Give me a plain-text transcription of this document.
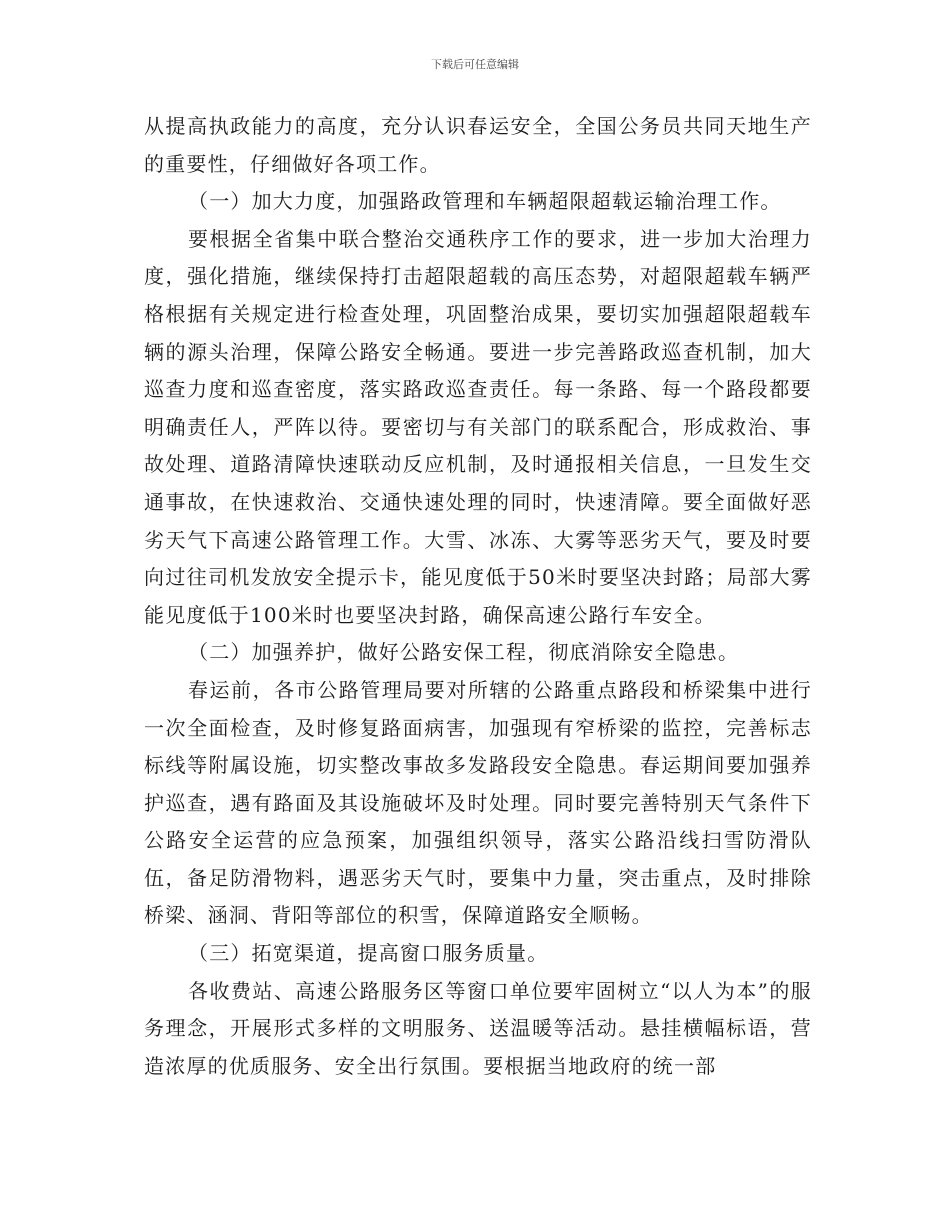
下载后可任意编辑

从提高执政能力的高度，充分认识春运安全，全国公务员共同天地生产的重要性，仔细做好各项工作。

（一）加大力度，加强路政管理和车辆超限超载运输治理工作。

要根据全省集中联合整治交通秩序工作的要求，进一步加大治理力度，强化措施，继续保持打击超限超载的高压态势，对超限超载车辆严格根据有关规定进行检查处理，巩固整治成果，要切实加强超限超载车辆的源头治理，保障公路安全畅通。要进一步完善路政巡查机制，加大巡查力度和巡查密度，落实路政巡查责任。每一条路、每一个路段都要明确责任人，严阵以待。要密切与有关部门的联系配合，形成救治、事故处理、道路清障快速联动反应机制，及时通报相关信息，一旦发生交通事故，在快速救治、交通快速处理的同时，快速清障。要全面做好恶劣天气下高速公路管理工作。大雪、冰冻、大雾等恶劣天气，要及时要向过往司机发放安全提示卡，能见度低于50米时要坚决封路；局部大雾能见度低于100米时也要坚决封路，确保高速公路行车安全。

（二）加强养护，做好公路安保工程，彻底消除安全隐患。

春运前，各市公路管理局要对所辖的公路重点路段和桥梁集中进行一次全面检查，及时修复路面病害，加强现有窄桥梁的监控，完善标志标线等附属设施，切实整改事故多发路段安全隐患。春运期间要加强养护巡查，遇有路面及其设施破坏及时处理。同时要完善特别天气条件下公路安全运营的应急预案，加强组织领导，落实公路沿线扫雪防滑队伍，备足防滑物料，遇恶劣天气时，要集中力量，突击重点，及时排除桥梁、涵洞、背阳等部位的积雪，保障道路安全顺畅。

（三）拓宽渠道，提高窗口服务质量。

各收费站、高速公路服务区等窗口单位要牢固树立“以人为本”的服务理念，开展形式多样的文明服务、送温暖等活动。悬挂横幅标语，营造浓厚的优质服务、安全出行氛围。要根据当地政府的统一部
